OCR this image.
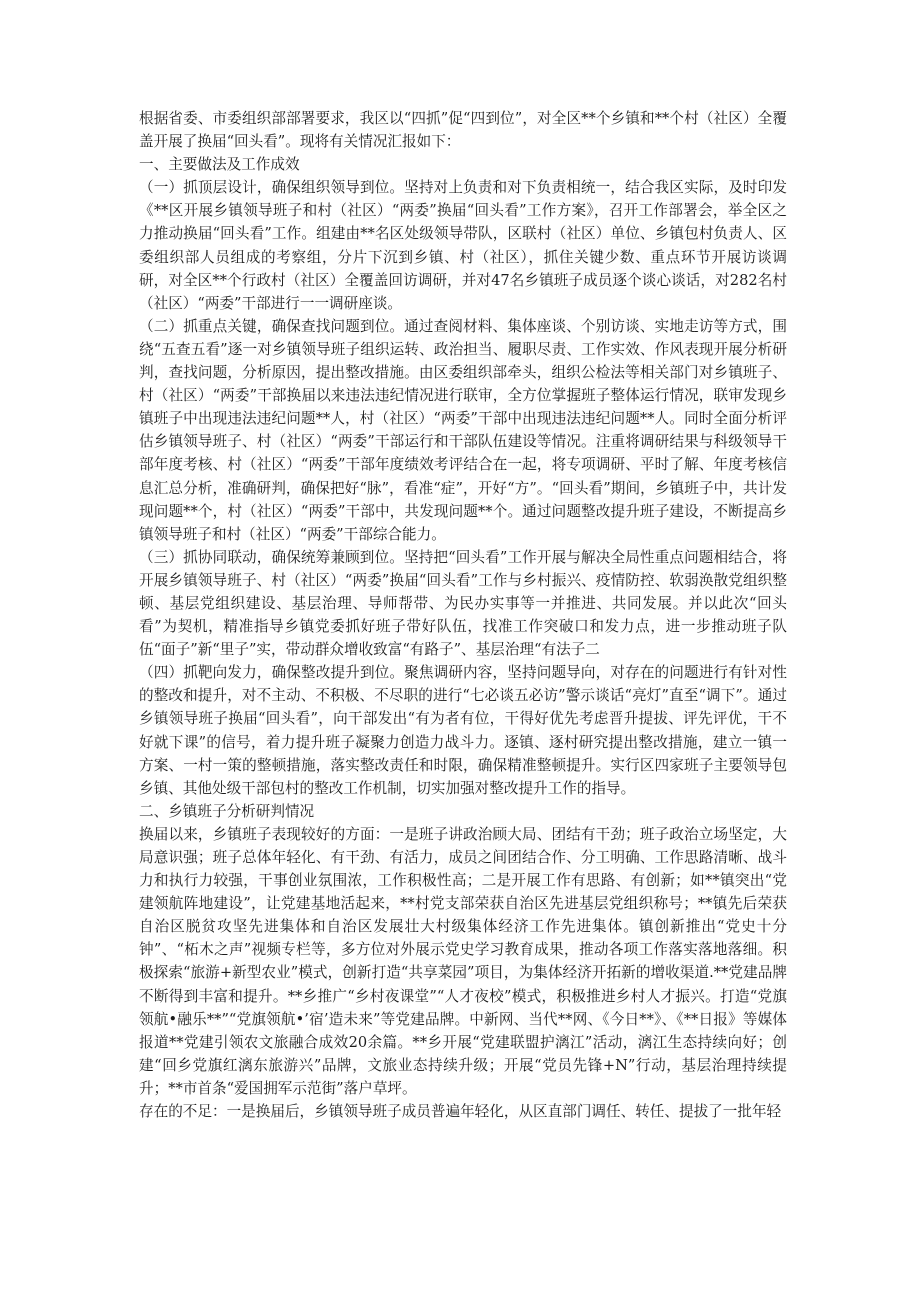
根据省委、市委组织部部署要求，我区以“四抓”促“四到位”，对全区**个乡镇和**个村（社区）全覆盖开展了换届“回头看”。现将有关情况汇报如下：

一、主要做法及工作成效

（一）抓顶层设计，确保组织领导到位。坚持对上负责和对下负责相统一，结合我区实际，及时印发《**区开展乡镇领导班子和村（社区）“两委”换届“回头看”工作方案》，召开工作部署会，举全区之力推动换届“回头看”工作。组建由**名区处级领导带队，区联村（社区）单位、乡镇包村负责人、区委组织部人员组成的考察组，分片下沉到乡镇、村（社区），抓住关键少数、重点环节开展访谈调研，对全区**个行政村（社区）全覆盖回访调研，并对47名乡镇班子成员逐个谈心谈话，对282名村（社区）“两委”干部进行一一调研座谈。

（二）抓重点关键，确保查找问题到位。通过查阅材料、集体座谈、个别访谈、实地走访等方式，围绕“五查五看”逐一对乡镇领导班子组织运转、政治担当、履职尽责、工作实效、作风表现开展分析研判，查找问题，分析原因，提出整改措施。由区委组织部牵头，组织公检法等相关部门对乡镇班子、村（社区）“两委”干部换届以来违法违纪情况进行联审，全方位掌握班子整体运行情况，联审发现乡镇班子中出现违法违纪问题**人，村（社区）“两委”干部中出现违法违纪问题**人。同时全面分析评估乡镇领导班子、村（社区）“两委”干部运行和干部队伍建设等情况。注重将调研结果与科级领导干部年度考核、村（社区）“两委”干部年度绩效考评结合在一起，将专项调研、平时了解、年度考核信息汇总分析，准确研判，确保把好“脉”，看准“症”，开好“方”。“回头看”期间，乡镇班子中，共计发现问题**个，村（社区）“两委”干部中，共发现问题**个。通过问题整改提升班子建设，不断提高乡镇领导班子和村（社区）“两委”干部综合能力。

（三）抓协同联动，确保统筹兼顾到位。坚持把“回头看”工作开展与解决全局性重点问题相结合，将开展乡镇领导班子、村（社区）“两委”换届“回头看”工作与乡村振兴、疫情防控、软弱涣散党组织整顿、基层党组织建设、基层治理、导师帮带、为民办实事等一并推进、共同发展。并以此次“回头看”为契机，精准指导乡镇党委抓好班子带好队伍，找准工作突破口和发力点，进一步推动班子队伍“面子”新“里子”实，带动群众增收致富“有路子”、基层治理“有法子二

（四）抓靶向发力，确保整改提升到位。聚焦调研内容，坚持问题导向，对存在的问题进行有针对性的整改和提升，对不主动、不积极、不尽职的进行“七必谈五必访”警示谈话“亮灯”直至“调下”。通过乡镇领导班子换届“回头看”，向干部发出“有为者有位，干得好优先考虑晋升提拔、评先评优，干不好就下课”的信号，着力提升班子凝聚力创造力战斗力。逐镇、逐村研究提出整改措施，建立一镇一方案、一村一策的整顿措施，落实整改责任和时限，确保精准整顿提升。实行区四家班子主要领导包乡镇、其他处级干部包村的整改工作机制，切实加强对整改提升工作的指导。

二、乡镇班子分析研判情况

换届以来，乡镇班子表现较好的方面：一是班子讲政治顾大局、团结有干劲；班子政治立场坚定，大局意识强；班子总体年轻化、有干劲、有活力，成员之间团结合作、分工明确、工作思路清晰、战斗力和执行力较强，干事创业氛围浓，工作积极性高；二是开展工作有思路、有创新；如**镇突出“党建领航阵地建设”，让党建基地活起来，**村党支部荣获自治区先进基层党组织称号；**镇先后荣获自治区脱贫攻坚先进集体和自治区发展壮大村级集体经济工作先进集体。镇创新推出“党史十分钟”、“柘木之声”视频专栏等，多方位对外展示党史学习教育成果，推动各项工作落实落地落细。积极探索“旅游+新型农业”模式，创新打造“共享菜园”项目，为集体经济开拓新的增收渠道.**党建品牌不断得到丰富和提升。**乡推广“乡村夜课堂”“人才夜校”模式，积极推进乡村人才振兴。打造“党旗领航•融乐**”“党旗领航•’宿’造未来”等党建品牌。中新网、当代**网、《今日**》、《**日报》等媒体报道**党建引领农文旅融合成效20余篇。**乡开展“党建联盟护漓江”活动，漓江生态持续向好；创建“回乡党旗红漓东旅游兴”品牌，文旅业态持续升级；开展“党员先锋+N”行动，基层治理持续提升；**市首条“爱国拥军示范街”落户草坪。

存在的不足：一是换届后，乡镇领导班子成员普遍年轻化，从区直部门调任、转任、提拔了一批年轻
